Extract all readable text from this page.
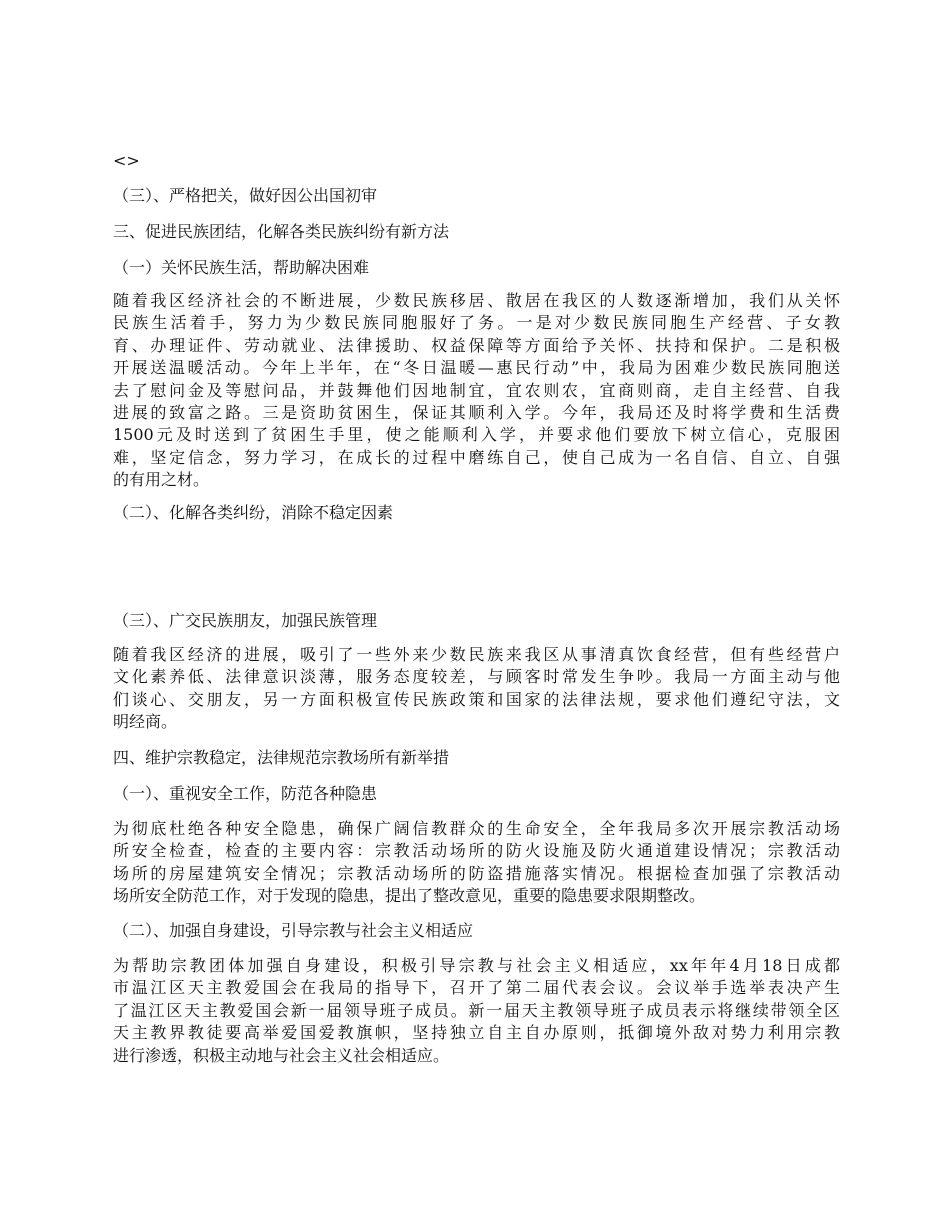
<>

（三）、严格把关，做好因公出国初审

三、促进民族团结，化解各类民族纠纷有新方法

（一）关怀民族生活，帮助解决困难

随着我区经济社会的不断进展，少数民族移居、散居在我区的人数逐渐增加，我们从关怀
民族生活着手，努力为少数民族同胞服好了务。一是对少数民族同胞生产经营、子女教
育、办理证件、劳动就业、法律援助、权益保障等方面给予关怀、扶持和保护。二是积极
开展送温暖活动。今年上半年，在“冬日温暖—惠民行动”中，我局为困难少数民族同胞送
去了慰问金及等慰问品，并鼓舞他们因地制宜，宜农则农，宜商则商，走自主经营、自我
进展的致富之路。三是资助贫困生，保证其顺利入学。今年，我局还及时将学费和生活费
1500元及时送到了贫困生手里，使之能顺利入学，并要求他们要放下树立信心，克服困
难，坚定信念，努力学习，在成长的过程中磨练自己，使自己成为一名自信、自立、自强
的有用之材。

（二）、化解各类纠纷，消除不稳定因素

（三）、广交民族朋友，加强民族管理

随着我区经济的进展，吸引了一些外来少数民族来我区从事清真饮食经营，但有些经营户
文化素养低、法律意识淡薄，服务态度较差，与顾客时常发生争吵。我局一方面主动与他
们谈心、交朋友，另一方面积极宣传民族政策和国家的法律法规，要求他们遵纪守法，文
明经商。

四、维护宗教稳定，法律规范宗教场所有新举措

（一）、重视安全工作，防范各种隐患

为彻底杜绝各种安全隐患，确保广阔信教群众的生命安全，全年我局多次开展宗教活动场
所安全检查，检查的主要内容：宗教活动场所的防火设施及防火通道建设情况；宗教活动
场所的房屋建筑安全情况；宗教活动场所的防盗措施落实情况。根据检查加强了宗教活动
场所安全防范工作，对于发现的隐患，提出了整改意见，重要的隐患要求限期整改。

（二）、加强自身建设，引导宗教与社会主义相适应

为帮助宗教团体加强自身建设，积极引导宗教与社会主义相适应，xx年年4月18日成都
市温江区天主教爱国会在我局的指导下，召开了第二届代表会议。会议举手选举表决产生
了温江区天主教爱国会新一届领导班子成员。新一届天主教领导班子成员表示将继续带领全区
天主教界教徒要高举爱国爱教旗帜，坚持独立自主自办原则，抵御境外敌对势力利用宗教
进行渗透，积极主动地与社会主义社会相适应。
